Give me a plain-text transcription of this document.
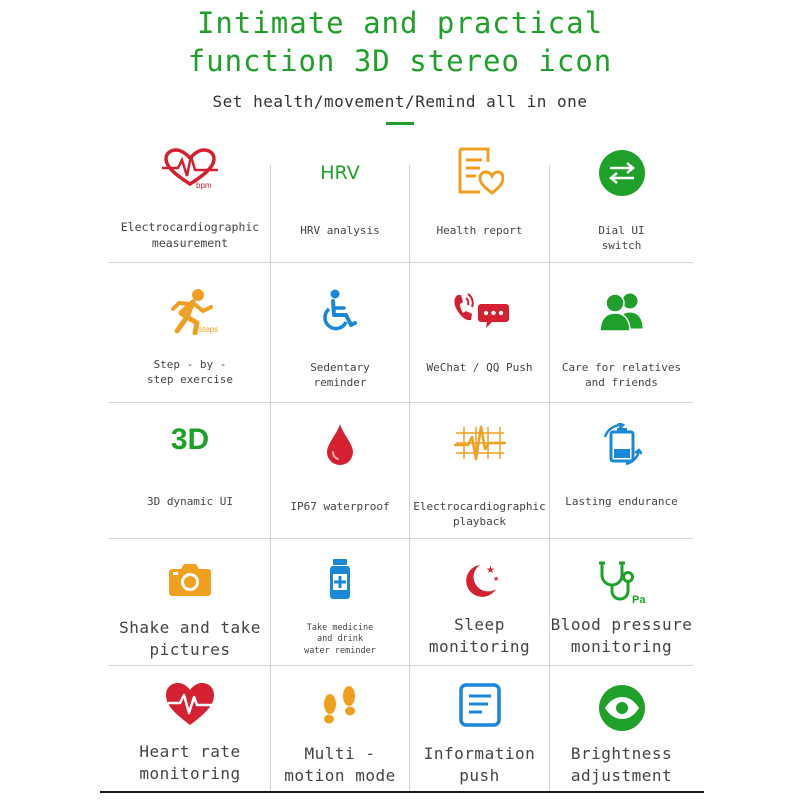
Intimate and practical
function 3D stereo icon
Set health/movement/Remind all in one
bpm
Electrocardiographic
measurement
HRV
HRV analysis	Health report	Dial UI
switch
steps
Step - by -
step exercise
Sedentary
reminder
WeChat / QQ Push	Care for relatives
and friends
3D
3D dynamic UI	IP67 waterproof	Electrocardiographic
playback
Lasting endurance
Shake and take
pictures
Take medicine
and drink
water reminder
★
★
Sleep
monitoring
Pa
Blood pressure
monitoring
Heart rate
monitoring
Multi -
motion mode
Information
push
Brightness
adjustment
